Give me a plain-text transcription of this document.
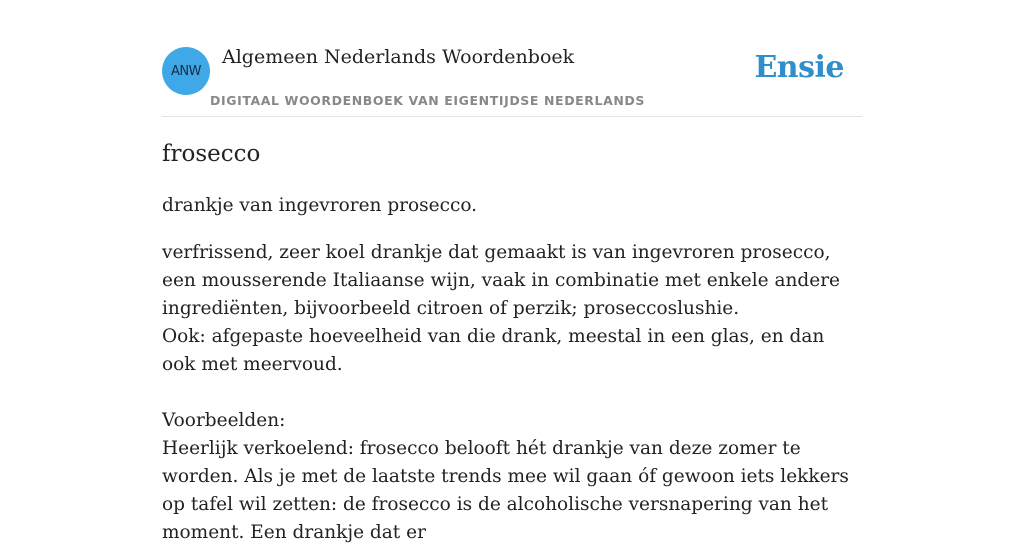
ANW
Algemeen Nederlands Woordenboek
DIGITAAL WOORDENBOEK VAN EIGENTIJDSE NEDERLANDS
Ensie
frosecco
drankje van ingevroren prosecco.

verfrissend, zeer koel drankje dat gemaakt is van ingevroren prosecco, een mousserende Italiaanse wijn, vaak in combinatie met enkele andere ingrediënten, bijvoorbeeld citroen of perzik; proseccoslushie.

Ook: afgepaste hoeveelheid van die drank, meestal in een glas, en dan ook met meervoud.

Voorbeelden:

Heerlijk verkoelend: frosecco belooft hét drankje van deze zomer te worden. Als je met de laatste trends mee wil gaan óf gewoon iets lekkers op tafel wil zetten: de frosecco is de alcoholische versnapering van het moment. Een drankje dat er
